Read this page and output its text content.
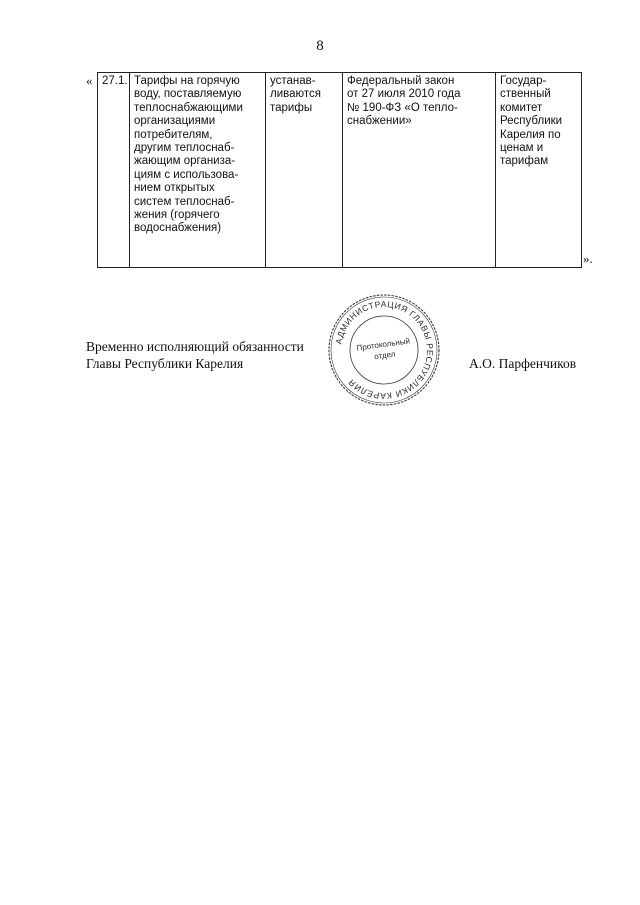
8
« 27.1.	Тарифы на горячую
воду, поставляемую
теплоснабжающими
организациями
потребителям,
другим теплоснаб-
жающим организа-
циям с использова-
нием открытых
систем теплоснаб-
жения (горячего
водоснабжения)	устанав-
ливаются
тарифы	Федеральный закон
от 27 июля 2010 года
№ 190-ФЗ «О тепло-
снабжении»	Государ-
ственный
комитет
Республики
Карелия по
ценам и
тарифам
».
Временно исполняющий обязанности
Главы Республики Карелия	А.О. Парфенчиков
АДМИНИСТРАЦИЯ ГЛАВЫ РЕСПУБЛИКИ КАРЕЛИЯ
Протокольный
отдел
